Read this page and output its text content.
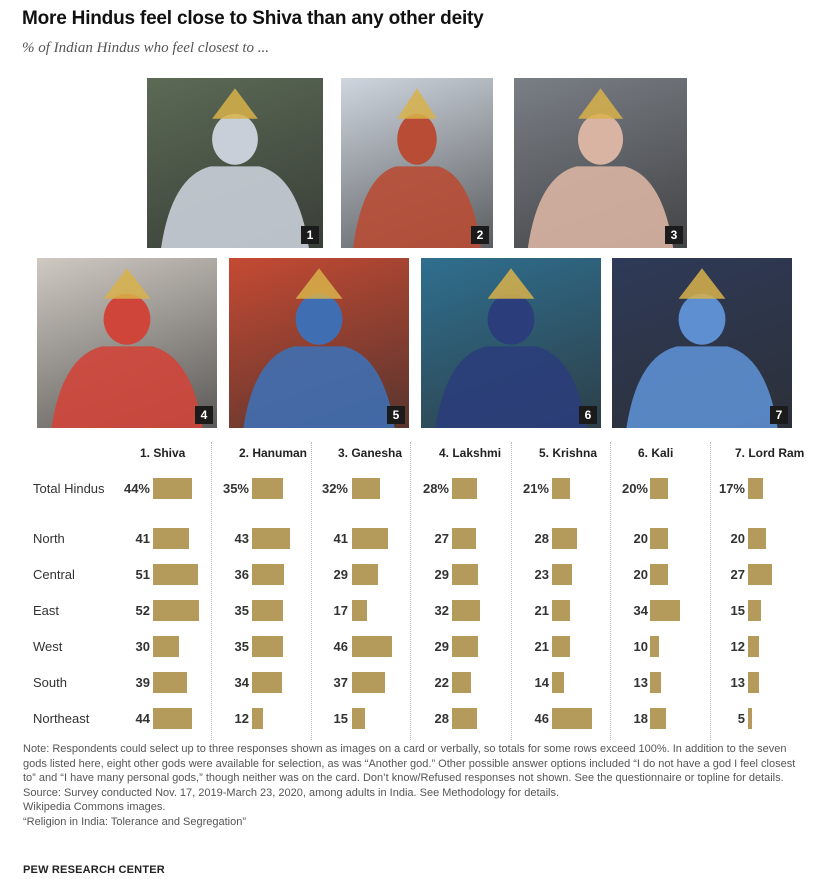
More Hindus feel close to Shiva than any other deity
% of Indian Hindus who feel closest to ...
1	2	3
4	5	6	7
1. Shiva	2. Hanuman	3. Ganesha	4. Lakshmi	5. Krishna	6. Kali	7. Lord Ram
Total Hindus	44%	35%	32%	28%	21%	20%	17%
North	41	43	41	27	28	20	20
Central	51	36	29	29	23	20	27
East	52	35	17	32	21	34	15
West	30	35	46	29	21	10	12
South	39	34	37	22	14	13	13
Northeast	44	12	15	28	46	18	5
Note: Respondents could select up to three responses shown as images on a card or verbally, so totals for some rows exceed 100%. In addition to the seven gods listed here, eight other gods were available for selection, as was “Another god.” Other possible answer options included “I do not have a god I feel closest to” and “I have many personal gods,” though neither was on the card. Don’t know/Refused responses not shown. See the questionnaire or topline for details.
Source: Survey conducted Nov. 17, 2019-March 23, 2020, among adults in India. See Methodology for details.
Wikipedia Commons images.
“Religion in India: Tolerance and Segregation”
PEW RESEARCH CENTER
